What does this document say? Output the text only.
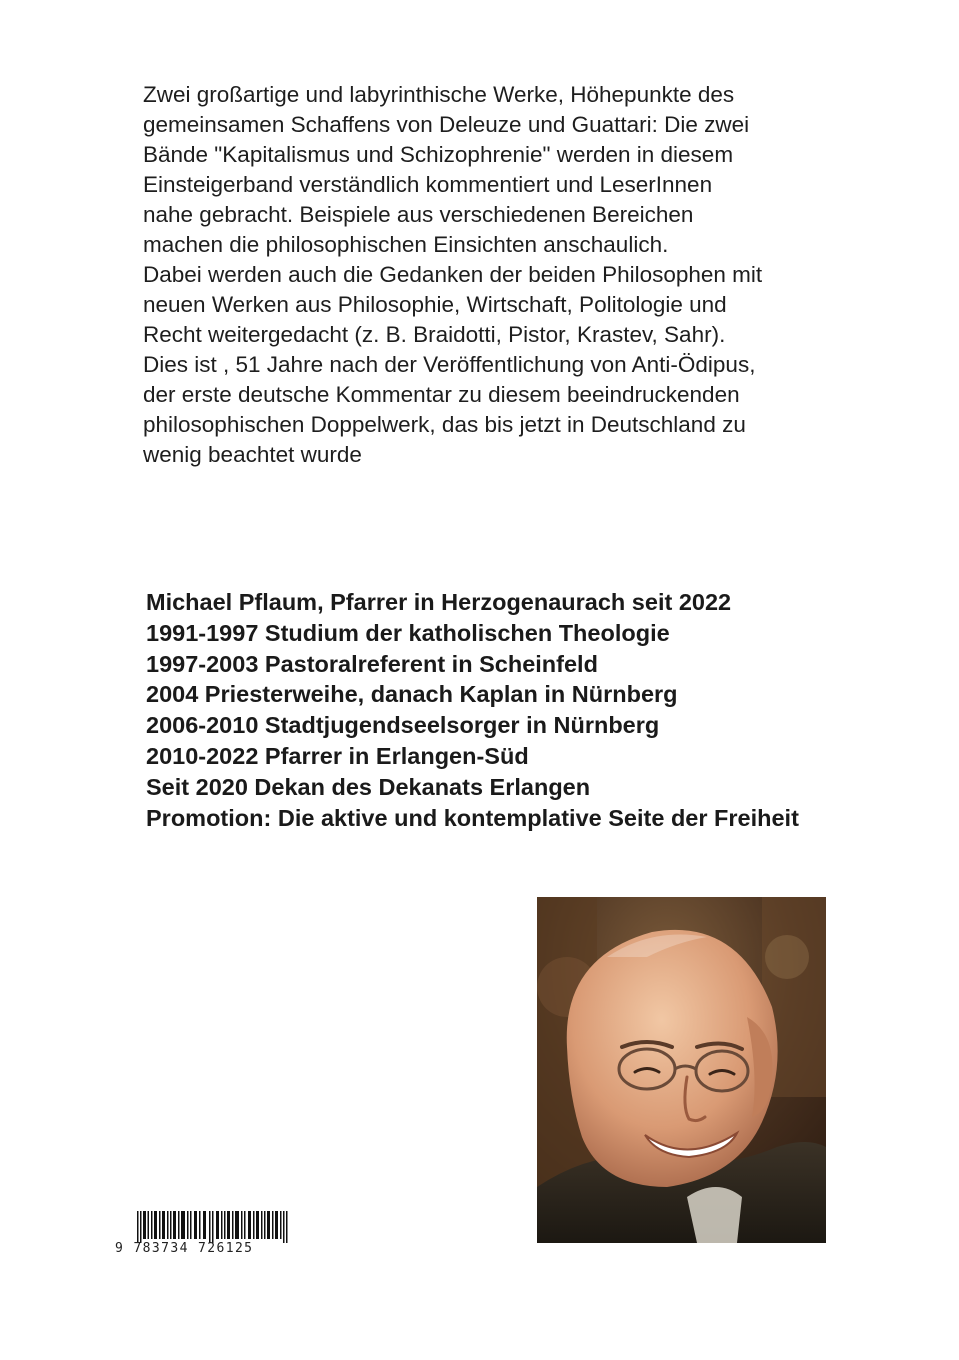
Zwei großartige und labyrinthische Werke, Höhepunkte des
gemeinsamen Schaffens von Deleuze und Guattari: Die zwei
Bände "Kapitalismus und Schizophrenie" werden in diesem
Einsteigerband verständlich kommentiert und LeserInnen
nahe gebracht. Beispiele aus verschiedenen Bereichen
machen die philosophischen Einsichten anschaulich.
Dabei werden auch die Gedanken der beiden Philosophen mit
neuen Werken aus Philosophie, Wirtschaft, Politologie und
Recht weitergedacht (z. B. Braidotti, Pistor, Krastev, Sahr).
Dies ist , 51 Jahre nach der Veröffentlichung von Anti-Ödipus,
der erste deutsche Kommentar zu diesem beeindruckenden
philosophischen Doppelwerk, das bis jetzt in Deutschland zu
wenig beachtet wurde
Michael Pflaum, Pfarrer in Herzogenaurach seit 2022
1991-1997 Studium der katholischen Theologie
1997-2003 Pastoralreferent in Scheinfeld
2004 Priesterweihe, danach Kaplan in Nürnberg
2006-2010 Stadtjugendseelsorger in Nürnberg
2010-2022 Pfarrer in Erlangen-Süd
Seit 2020 Dekan des Dekanats Erlangen
Promotion: Die aktive und kontemplative Seite der Freiheit
9 783734 726125
